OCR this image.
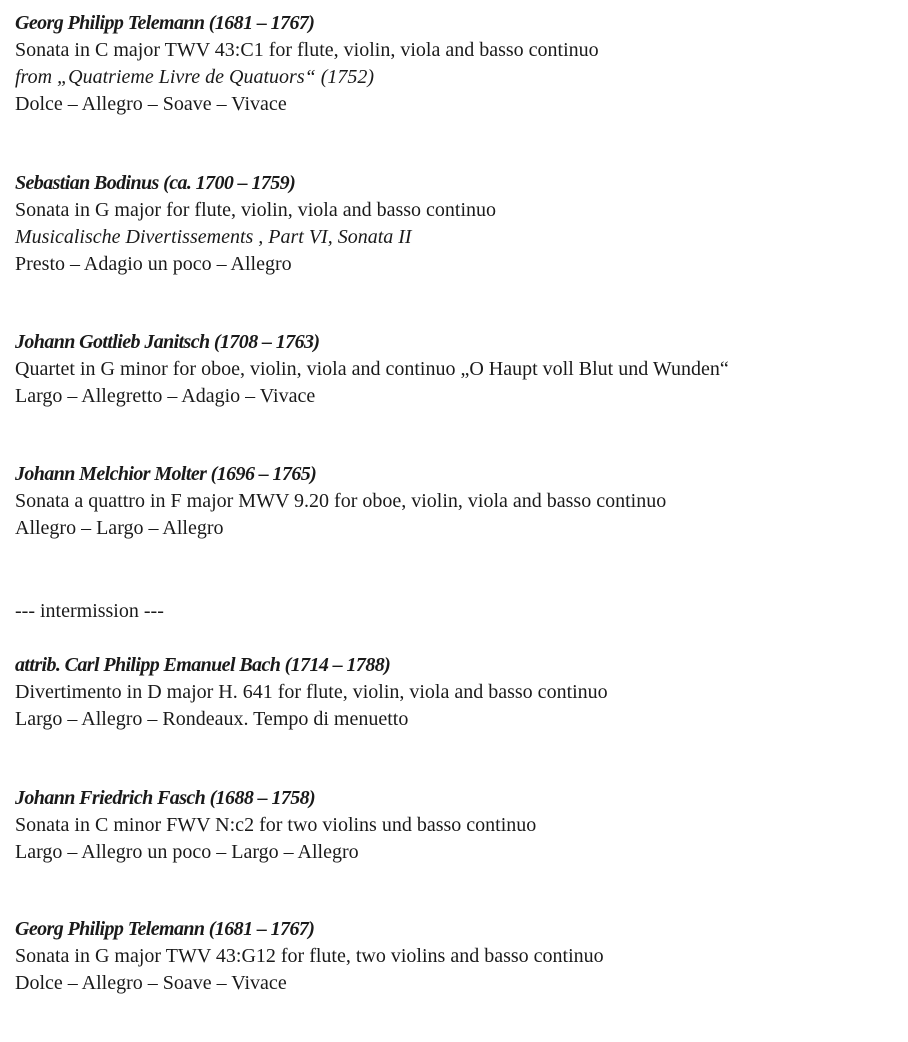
Georg Philipp Telemann (1681 – 1767)
Sonata in C major TWV 43:C1 for flute, violin, viola and basso continuo
from „Quatrieme Livre de Quatuors“ (1752)
Dolce – Allegro – Soave – Vivace
Sebastian Bodinus (ca. 1700 – 1759)
Sonata in G major for flute, violin, viola and basso continuo
Musicalische Divertissements , Part VI, Sonata II
Presto – Adagio un poco – Allegro
Johann Gottlieb Janitsch (1708 – 1763)
Quartet in G minor for oboe, violin, viola and continuo „O Haupt voll Blut und Wunden“
Largo – Allegretto – Adagio – Vivace
Johann Melchior Molter (1696 – 1765)
Sonata a quattro in F major MWV 9.20 for oboe, violin, viola and basso continuo
Allegro – Largo – Allegro
--- intermission ---
attrib. Carl Philipp Emanuel Bach (1714 – 1788)
Divertimento in D major H. 641 for flute, violin, viola and basso continuo
Largo – Allegro – Rondeaux. Tempo di menuetto
Johann Friedrich Fasch (1688 – 1758)
Sonata in C minor FWV N:c2 for two violins und basso continuo
Largo – Allegro un poco – Largo – Allegro
Georg Philipp Telemann (1681 – 1767)
Sonata in G major TWV 43:G12 for flute, two violins and basso continuo
Dolce – Allegro – Soave – Vivace
